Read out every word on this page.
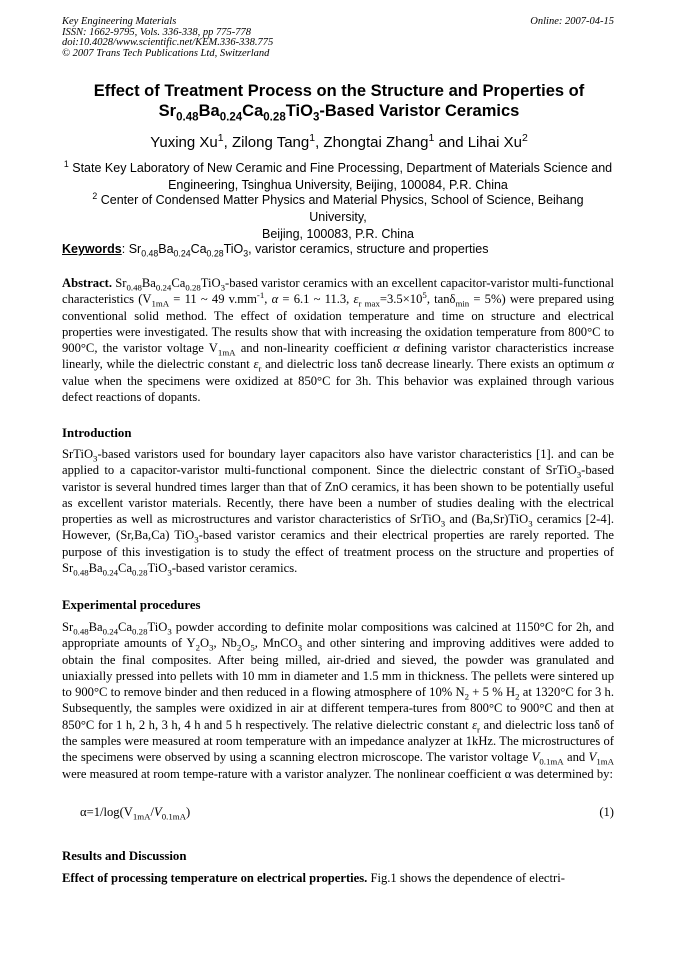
Key Engineering Materials
ISSN: 1662-9795, Vols. 336-338, pp 775-778
doi:10.4028/www.scientific.net/KEM.336-338.775
© 2007 Trans Tech Publications Ltd, Switzerland
Online: 2007-04-15
Effect of Treatment Process on the Structure and Properties of
$Sr_{0.48}Ba_{0.24}Ca_{0.28}TiO_3$-Based Varistor Ceramics
Yuxing Xu$^1$, Zilong Tang$^1$, Zhongtai Zhang$^1$ and Lihai Xu$^2$
$^1$ State Key Laboratory of New Ceramic and Fine Processing, Department of Materials Science and
Engineering, Tsinghua University, Beijing, 100084, P.R. China
$^2$ Center of Condensed Matter Physics and Material Physics, School of Science, Beihang University,
Beijing, 100083, P.R. China
Keywords: $Sr_{0.48}Ba_{0.24}Ca_{0.28}TiO_3$, varistor ceramics, structure and properties
Abstract. $Sr_{0.48}Ba_{0.24}Ca_{0.28}TiO_3$-based varistor ceramics with an excellent capacitor-varistor multi-functional characteristics ($V_{1mA} = 11$ ~ 49 $v.mm^{-1}$, α = 6.1 ~ 11.3, $\varepsilon_{r max}=3.5\times 10^5$, tanδ$_{min}$ = 5%) were prepared using conventional solid method. The effect of oxidation temperature and time on structure and electrical properties were investigated. The results show that with increasing the oxidation temperature from 800°C to 900°C, the varistor voltage $V_{1mA}$ and non-linearity coefficient α defining varistor characteristics increase linearly, while the dielectric constant $\varepsilon_r$ and dielectric loss tanδ decrease linearly. There exists an optimum α value when the specimens were oxidized at 850°C for 3h. This behavior was explained through various defect reactions of dopants.
Introduction
SrTiO$_3$-based varistors used for boundary layer capacitors also have varistor characteristics [1]. and can be applied to a capacitor-varistor multi-functional component. Since the dielectric constant of SrTiO$_3$-based varistor is several hundred times larger than that of ZnO ceramics, it has been shown to be potentially useful as excellent varistor materials. Recently, there have been a number of studies dealing with the electrical properties as well as microstructures and varistor characteristics of SrTiO$_3$ and (Ba,Sr)TiO$_3$ ceramics [2-4]. However, (Sr,Ba,Ca) TiO$_3$-based varistor ceramics and their electrical properties are rarely reported. The purpose of this investigation is to study the effect of treatment process on the structure and properties of $Sr_{0.48}Ba_{0.24}Ca_{0.28}TiO_3$-based varistor ceramics.
Experimental procedures
$Sr_{0.48}Ba_{0.24}Ca_{0.28}TiO_3$ powder according to definite molar compositions was calcined at 1150°C for 2h, and appropriate amounts of $Y_2O_3$, $Nb_2O_5$, MnCO$_3$ and other sintering and improving additives were added to obtain the final composites. After being milled, air-dried and sieved, the powder was granulated and uniaxially pressed into pellets with 10 mm in diameter and 1.5 mm in thickness. The pellets were sintered up to 900°C to remove binder and then reduced in a flowing atmosphere of 10% $N_2 + 5$ % $H_2$ at 1320°C for 3 h. Subsequently, the samples were oxidized in air at different tempera-tures from 800°C to 900°C and then at 850°C for 1 h, 2 h, 3 h, 4 h and 5 h respectively. The relative dielectric constant $\varepsilon_r$ and dielectric loss tanδ of the samples were measured at room temperature with an impedance analyzer at 1kHz. The microstructures of the specimens were observed by using a scanning electron microscope. The varistor voltage $V_{0.1mA}$ and $V_{1mA}$ were measured at room tempe-rature with a varistor analyzer. The nonlinear coefficient α was determined by:
$\alpha=1/\log(V_{1mA}/V_{0.1mA})$	(1)
Results and Discussion
Effect of processing temperature on electrical properties. Fig.1 shows the dependence of electri-
